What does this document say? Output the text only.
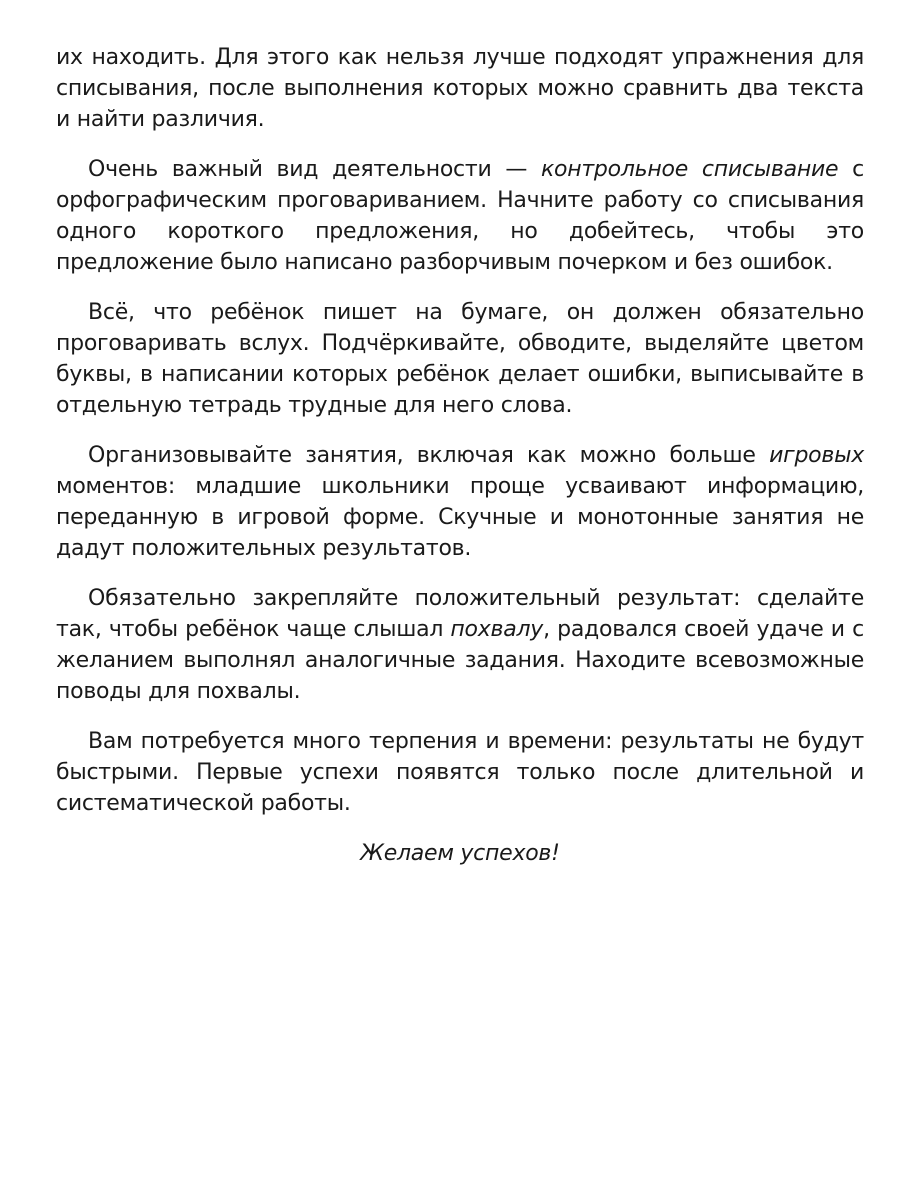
их находить. Для этого как нельзя лучше подходят упражнения для списывания, после выполнения которых можно сравнить два текста и найти различия.

Очень важный вид деятельности — контрольное списывание с орфографическим проговариванием. Начните работу со списывания одного короткого предложения, но добейтесь, чтобы это предложение было написано разборчивым почерком и без ошибок.

Всё, что ребёнок пишет на бумаге, он должен обязательно проговаривать вслух. Подчёркивайте, обводите, выделяйте цветом буквы, в написании которых ребёнок делает ошибки, выписывайте в отдельную тетрадь трудные для него слова.

Организовывайте занятия, включая как можно больше игровых моментов: младшие школьники проще усваивают информацию, переданную в игровой форме. Скучные и монотонные занятия не дадут положительных результатов.

Обязательно закрепляйте положительный результат: сделайте так, чтобы ребёнок чаще слышал похвалу, радовался своей удаче и с желанием выполнял аналогичные задания. Находите всевозможные поводы для похвалы.

Вам потребуется много терпения и времени: результаты не будут быстрыми. Первые успехи появятся только после длительной и систематической работы.

Желаем успехов!
